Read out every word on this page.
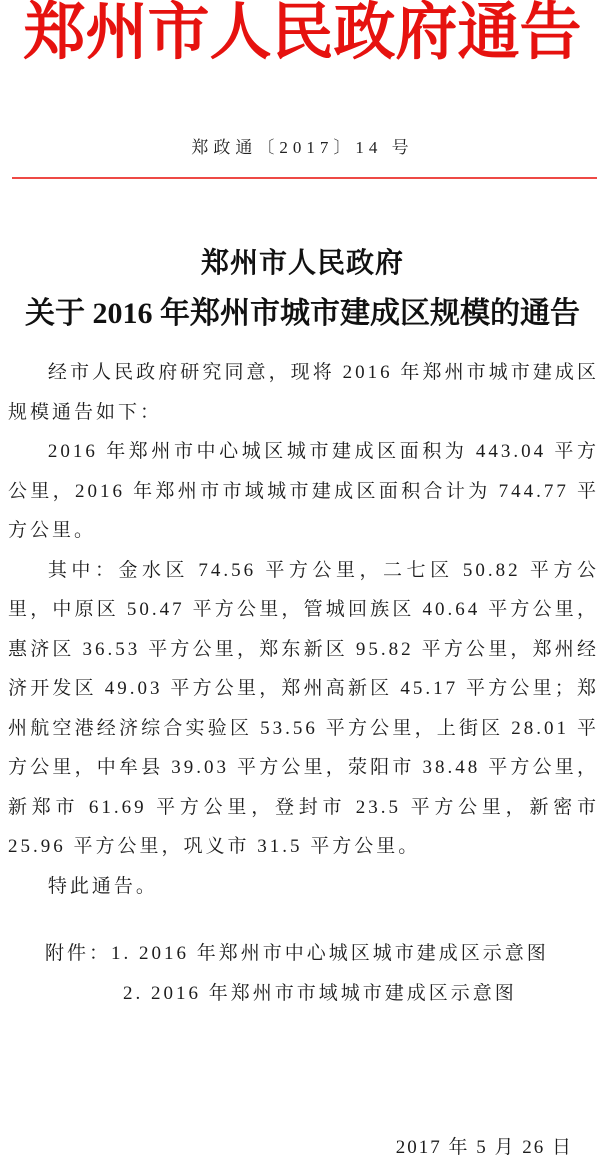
郑州市人民政府通告
郑政通〔2017〕14 号
郑州市人民政府
关于 2016 年郑州市城市建成区规模的通告

经市人民政府研究同意，现将 2016 年郑州市城市建成区规模通告如下：

2016 年郑州市中心城区城市建成区面积为 443.04 平方公里，2016 年郑州市市域城市建成区面积合计为 744.77 平方公里。

其中：金水区 74.56 平方公里，二七区 50.82 平方公里，中原区 50.47 平方公里，管城回族区 40.64 平方公里，惠济区 36.53 平方公里，郑东新区 95.82 平方公里，郑州经济开发区 49.03 平方公里，郑州高新区 45.17 平方公里；郑州航空港经济综合实验区 53.56 平方公里，上街区 28.01 平方公里，中牟县 39.03 平方公里，荥阳市 38.48 平方公里，新郑市 61.69 平方公里，登封市 23.5 平方公里，新密市 25.96 平方公里，巩义市 31.5 平方公里。

特此通告。

附件：1. 2016 年郑州市中心城区城市建成区示意图
2. 2016 年郑州市市域城市建成区示意图
2017 年 5 月 26 日
